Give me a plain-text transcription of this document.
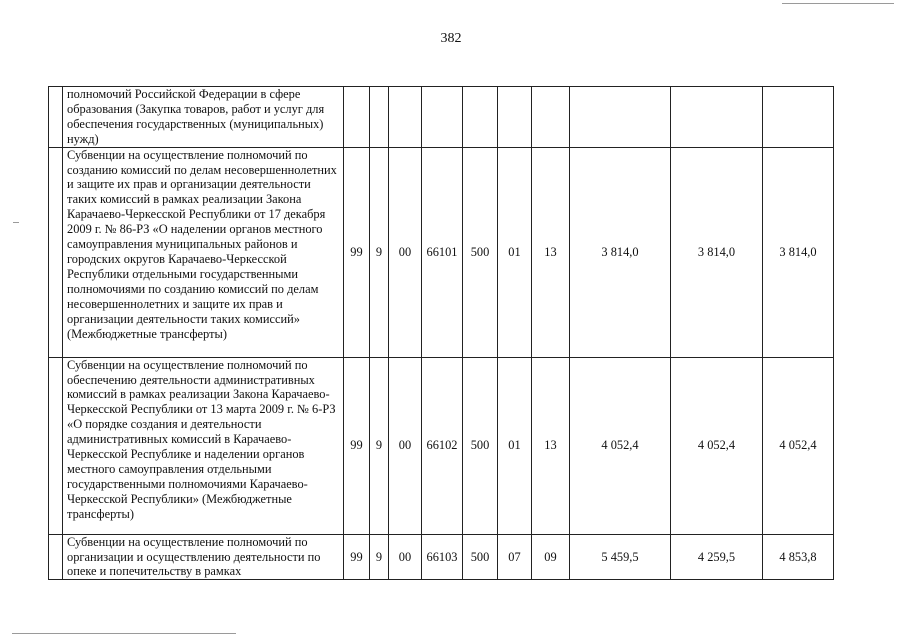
382
	полномочий Российской Федерации в сфере образования (Закупка товаров, работ и услуг для обеспечения государственных (муниципальных) нужд)										
	Субвенции на осуществление полномочий по созданию комиссий по делам несовершеннолетних и защите их прав и организации деятельности таких комиссий в рамках реализации Закона Карачаево-Черкесской Республики от 17 декабря 2009 г. № 86-РЗ «О наделении органов местного самоуправления муниципальных районов и городских округов Карачаево-Черкесской Республики отдельными государственными полномочиями по созданию комиссий по делам несовершеннолетних и защите их прав и организации деятельности таких комиссий» (Межбюджетные трансферты)	99	9	00	66101	500	01	13	3 814,0	3 814,0	3 814,0
	Субвенции на осуществление полномочий по обеспечению деятельности административных комиссий в рамках реализации Закона Карачаево-Черкесской Республики от 13 марта 2009 г. № 6-РЗ «О порядке создания и деятельности административных комиссий в Карачаево-Черкесской Республике и наделении органов местного самоуправления отдельными государственными полномочиями Карачаево-Черкесской Республики» (Межбюджетные трансферты)	99	9	00	66102	500	01	13	4 052,4	4 052,4	4 052,4
	Субвенции на осуществление полномочий по организации и осуществлению деятельности по опеке и попечительству в рамках	99	9	00	66103	500	07	09	5 459,5	4 259,5	4 853,8
